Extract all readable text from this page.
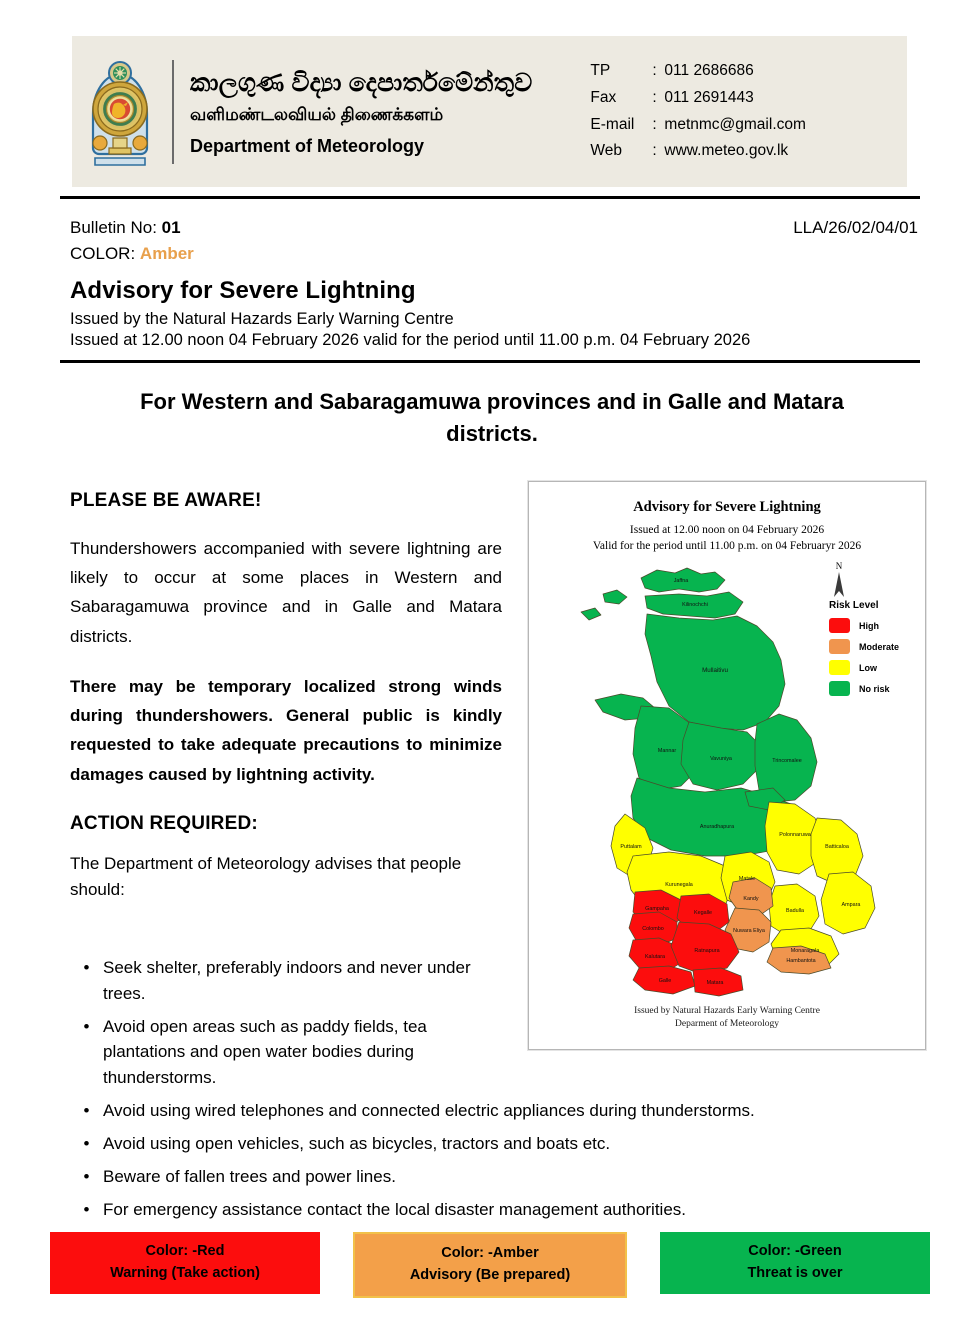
කාලගුණ විද්‍යා දෙපාර්තමේන්තුව
வளிமண்டலவியல் திணைக்களம்
Department of Meteorology
TP	: 011 2686686
Fax	: 011 2691443
E-mail	: metnmc@gmail.com
Web	: www.meteo.gov.lk
Bulletin No: 01	LLA/26/02/04/01
COLOR: Amber
Advisory for Severe Lightning
Issued by the Natural Hazards Early Warning Centre
Issued at 12.00 noon 04 February 2026 valid for the period until 11.00 p.m. 04 February 2026
For Western and Sabaragamuwa provinces and in Galle and Matara districts.
PLEASE BE AWARE!
Thundershowers accompanied with severe lightning are likely to occur at some places in Western and Sabaragamuwa province and in Galle and Matara districts.
There may be temporary localized strong winds during thundershowers. General public is kindly requested to take adequate precautions to minimize damages caused by lightning activity.
ACTION REQUIRED:
The Department of Meteorology advises that people should:
• Seek shelter, preferably indoors and never under trees.
• Avoid open areas such as paddy fields, tea plantations and open water bodies during thunderstorms.
• Avoid using wired telephones and connected electric appliances during thunderstorms.
• Avoid using open vehicles, such as bicycles, tractors and boats etc.
• Beware of fallen trees and power lines.
• For emergency assistance contact the local disaster management authorities.
Advisory for Severe Lightning
Issued at 12.00 noon on 04 February 2026
Valid for the period until 11.00 p.m. on 04 Februaryr 2026
N
Risk Level
High
Moderate
Low
No risk
Jaffna
Kilinochchi
Mullaitivu
Mannar
Vavuniya	Trincomalee
Anuradhapura
Puttalam
Kurunegala
Matale
Polonnaruwa
Batticaloa
Ampara
Badulla
Monaragala
Kandy
Nuwara Eliya
Hambantota
Gampaha
Colombo
Kalutara
Kegalle
Ratnapura
Galle	Matara
Issued by Natural Hazards Early Warning Centre
Deparment of Meteorology
Color: -Red
Warning (Take action)
Color: -Amber
Advisory (Be prepared)
Color: -Green
Threat is over
